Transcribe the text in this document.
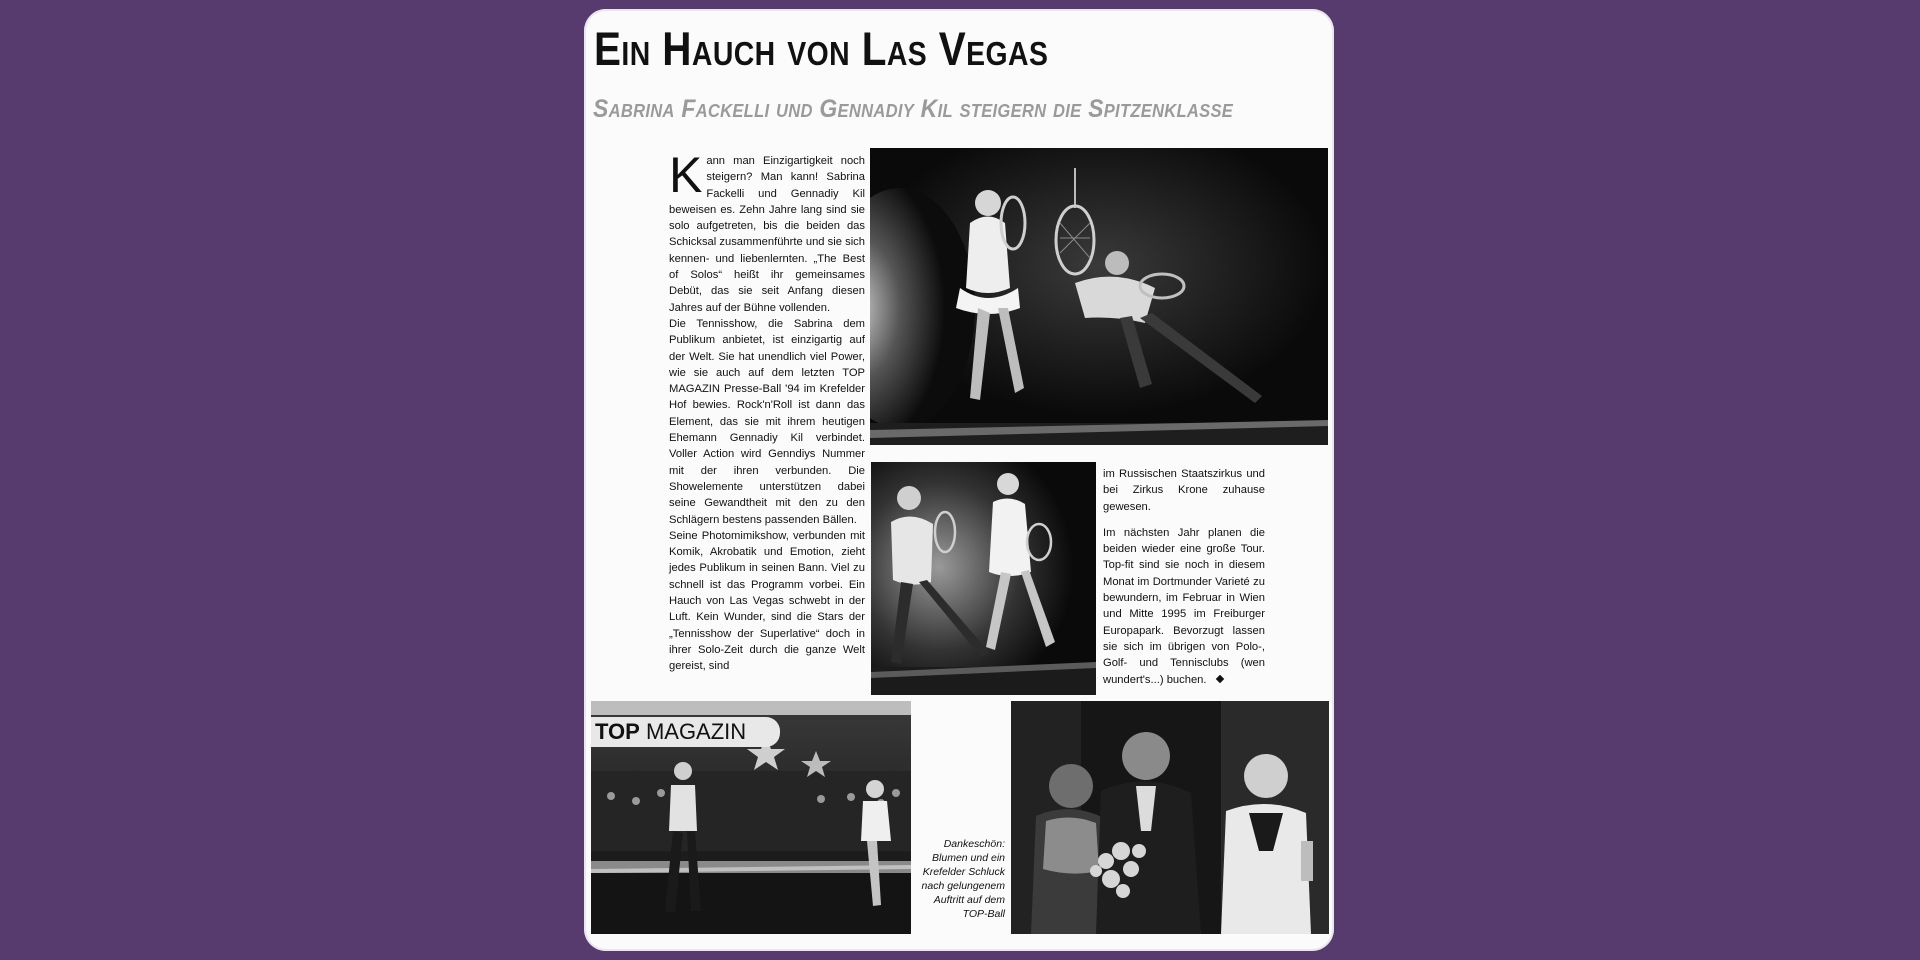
Ein Hauch von Las Vegas
Sabrina Fackelli und Gennadiy Kil steigern die Spitzenklasse

Kann man Einzigartigkeit noch steigern? Man kann! Sabrina Fackelli und Gennadiy Kil beweisen es. Zehn Jahre lang sind sie solo aufgetreten, bis die beiden das Schicksal zusammenführte und sie sich kennen- und liebenlernten. „The Best of Solos“ heißt ihr gemeinsames Debüt, das sie seit Anfang diesen Jahres auf der Bühne vollenden.

Die Tennisshow, die Sabrina dem Publikum anbietet, ist einzigartig auf der Welt. Sie hat unendlich viel Power, wie sie auch auf dem letzten TOP MAGAZIN Presse-Ball '94 im Krefelder Hof bewies. Rock'n'Roll ist dann das Element, das sie mit ihrem heutigen Ehemann Gennadiy Kil verbindet. Voller Action wird Genndiys Nummer mit der ihren verbunden. Die Showelemente unterstützen dabei seine Gewandtheit mit den zu den Schlägern bestens passenden Bällen.

Seine Photomimikshow, verbunden mit Komik, Akrobatik und Emotion, zieht jedes Publikum in seinen Bann. Viel zu schnell ist das Programm vorbei. Ein Hauch von Las Vegas schwebt in der Luft. Kein Wunder, sind die Stars der „Tennisshow der Superlative“ doch in ihrer Solo-Zeit durch die ganze Welt gereist, sind

im Russischen Staatszirkus und bei Zirkus Krone zuhause gewesen.

Im nächsten Jahr planen die beiden wieder eine große Tour. Top-fit sind sie noch in diesem Monat im Dortmunder Varieté zu bewundern, im Februar in Wien und Mitte 1995 im Freiburger Europapark. Bevorzugt lassen sie sich im übrigen von Polo-, Golf- und Tennisclubs (wen wundert's...) buchen.

TOP MAGAZIN
Dankeschön: Blumen und ein Krefelder Schluck nach gelungenem Auftritt auf dem TOP-Ball
